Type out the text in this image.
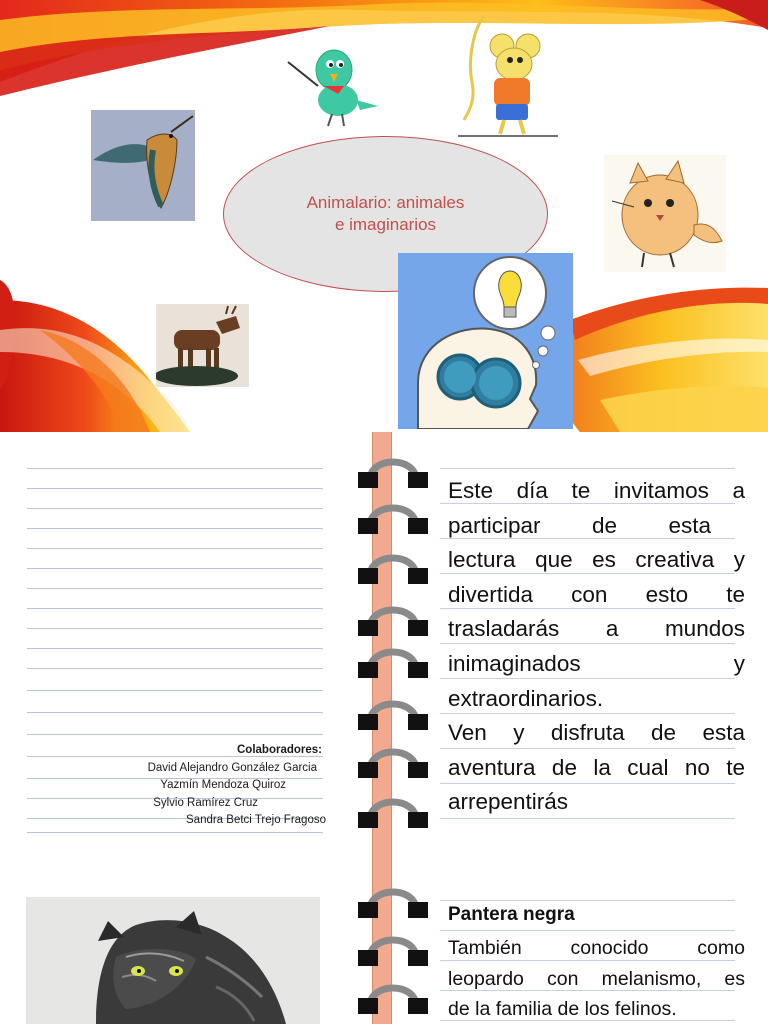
Animalario: animales
e imaginarios
Colaboradores:
David Alejandro González Garcia
Yazmín Mendoza Quiroz
Sylvio Ramírez Cruz
Sandra Betci Trejo Fragoso
Este día te invitamos a
participar de esta
lectura que es creativa y
divertida con esto te
trasladarás a mundos
inimaginados y
extraordinarios.
Ven y disfruta de esta
aventura de la cual no te
arrepentirás
Pantera negra
También conocido como
leopardo con melanismo, es
de la familia de los felinos.
